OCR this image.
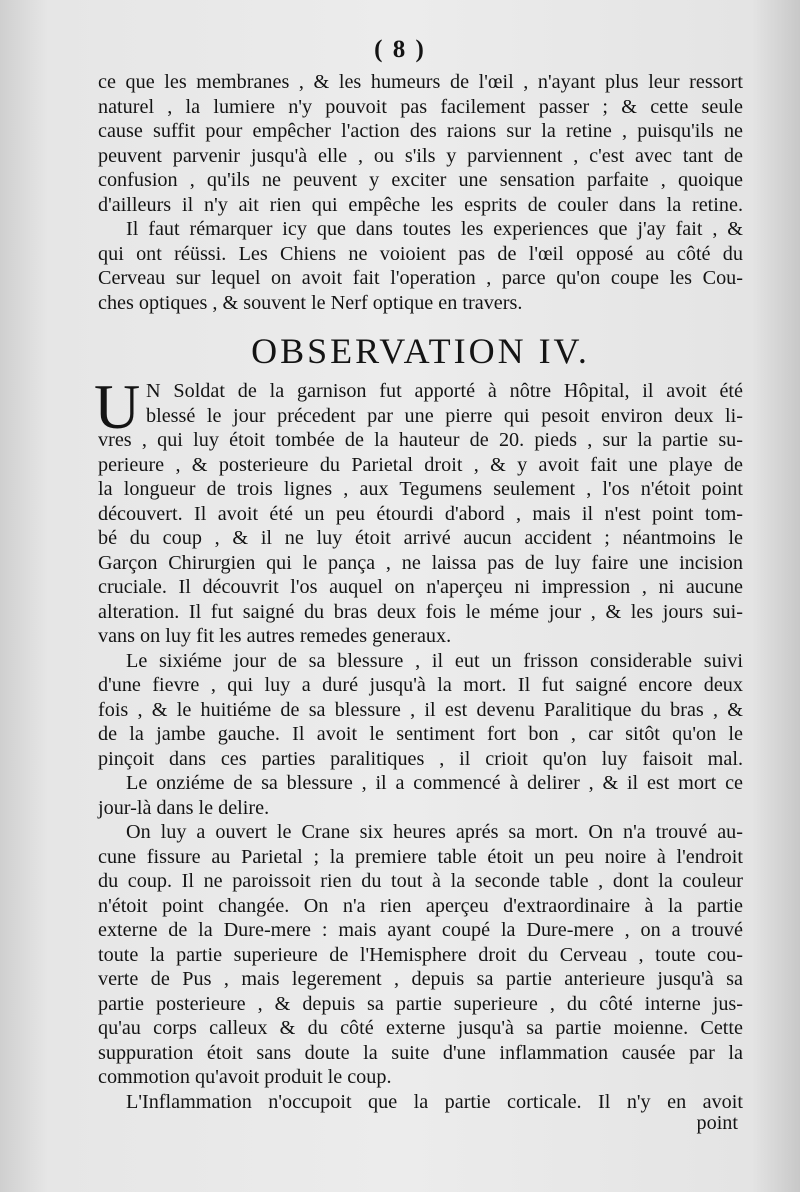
( 8 )
ce que les membranes , & les humeurs de l'œil , n'ayant plus leur ressort
naturel , la lumiere n'y pouvoit pas facilement passer ; & cette seule
cause suffit pour empêcher l'action des raions sur la retine , puisqu'ils ne
peuvent parvenir jusqu'à elle , ou s'ils y parviennent , c'est avec tant de
confusion , qu'ils ne peuvent y exciter une sensation parfaite , quoique
d'ailleurs il n'y ait rien qui empêche les esprits de couler dans la retine.
Il faut rémarquer icy que dans toutes les experiences que j'ay fait , &
qui ont réüssi. Les Chiens ne voioient pas de l'œil opposé au côté du
Cerveau sur lequel on avoit fait l'operation , parce qu'on coupe les Cou-
ches optiques , & souvent le Nerf optique en travers.
OBSERVATION IV.
U N Soldat de la garnison fut apporté à nôtre Hôpital, il avoit été
blessé le jour précedent par une pierre qui pesoit environ deux li-
vres , qui luy étoit tombée de la hauteur de 20. pieds , sur la partie su-
perieure , & posterieure du Parietal droit , & y avoit fait une playe de
la longueur de trois lignes , aux Tegumens seulement , l'os n'étoit point
découvert. Il avoit été un peu étourdi d'abord , mais il n'est point tom-
bé du coup , & il ne luy étoit arrivé aucun accident ; néantmoins le
Garçon Chirurgien qui le pança , ne laissa pas de luy faire une incision
cruciale. Il découvrit l'os auquel on n'aperçeu ni impression , ni aucune
alteration. Il fut saigné du bras deux fois le méme jour , & les jours sui-
vans on luy fit les autres remedes generaux.
Le sixiéme jour de sa blessure , il eut un frisson considerable suivi
d'une fievre , qui luy a duré jusqu'à la mort. Il fut saigné encore deux
fois , & le huitiéme de sa blessure , il est devenu Paralitique du bras , &
de la jambe gauche. Il avoit le sentiment fort bon , car sitôt qu'on le
pinçoit dans ces parties paralitiques , il crioit qu'on luy faisoit mal.
Le onziéme de sa blessure , il a commencé à delirer , & il est mort ce
jour-là dans le delire.
On luy a ouvert le Crane six heures aprés sa mort. On n'a trouvé au-
cune fissure au Parietal ; la premiere table étoit un peu noire à l'endroit
du coup. Il ne paroissoit rien du tout à la seconde table , dont la couleur
n'étoit point changée. On n'a rien aperçeu d'extraordinaire à la partie
externe de la Dure-mere : mais ayant coupé la Dure-mere , on a trouvé
toute la partie superieure de l'Hemisphere droit du Cerveau , toute cou-
verte de Pus , mais legerement , depuis sa partie anterieure jusqu'à sa
partie posterieure , & depuis sa partie superieure , du côté interne jus-
qu'au corps calleux & du côté externe jusqu'à sa partie moienne. Cette
suppuration étoit sans doute la suite d'une inflammation causée par la
commotion qu'avoit produit le coup.
L'Inflammation n'occupoit que la partie corticale. Il n'y en avoit
point
